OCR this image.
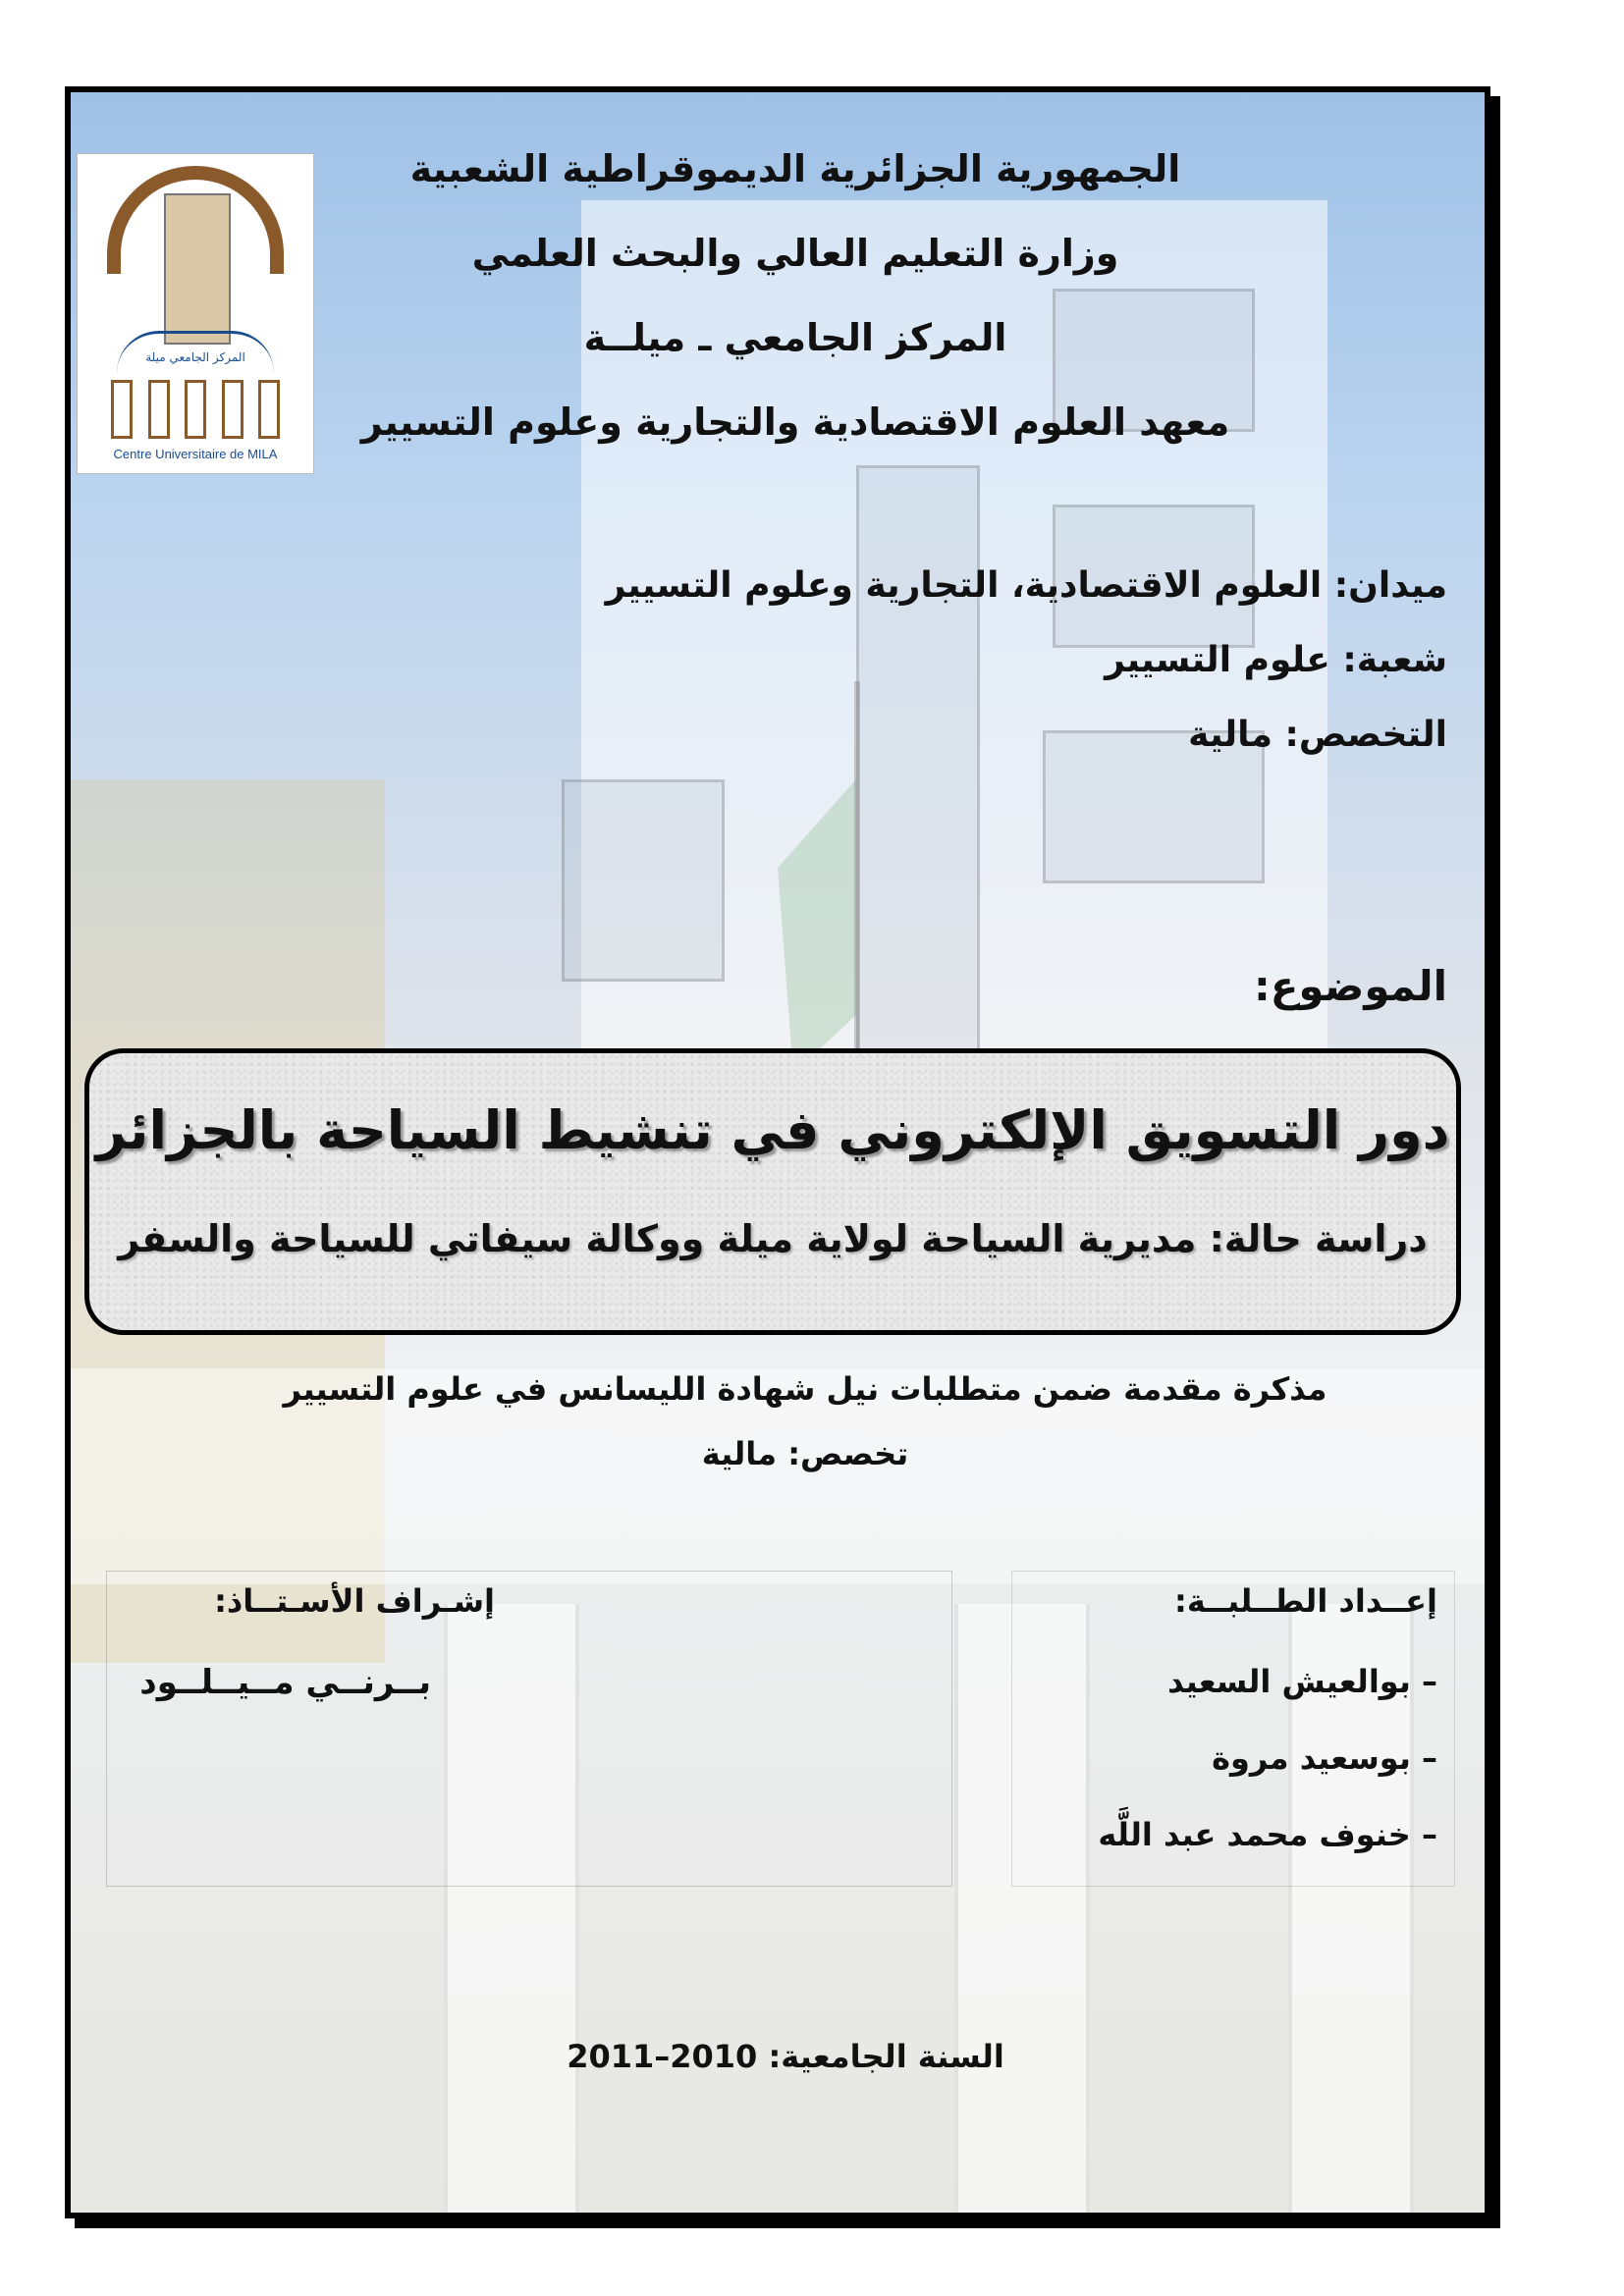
المركز الجامعي ميلة
Centre Universitaire de MILA
الجمهورية الجزائرية الديموقراطية الشعبية
وزارة التعليم العالي والبحث العلمي
المركز الجامعي ـ ميلــة
معهد العلوم الاقتصادية والتجارية وعلوم التسيير
ميدان: العلوم الاقتصادية، التجارية وعلوم التسيير
شعبة: علوم التسيير
التخصص: مالية
الموضوع:
دور التسويق الإلكتروني في تنشيط السياحة بالجزائر
دراسة حالة: مديرية السياحة لولاية ميلة ووكالة سيفاتي للسياحة والسفر
مذكرة مقدمة ضمن متطلبات نيل شهادة الليسانس في علوم التسيير
تخصص: مالية
إعــداد الطــلبــة:
– بوالعيش السعيد
– بوسعيد مروة
– خنوف محمد عبد اللَّه
إشـراف الأسـتــاذ:
بــرنــي مــيــلــود
السنة الجامعية: 2010–2011
